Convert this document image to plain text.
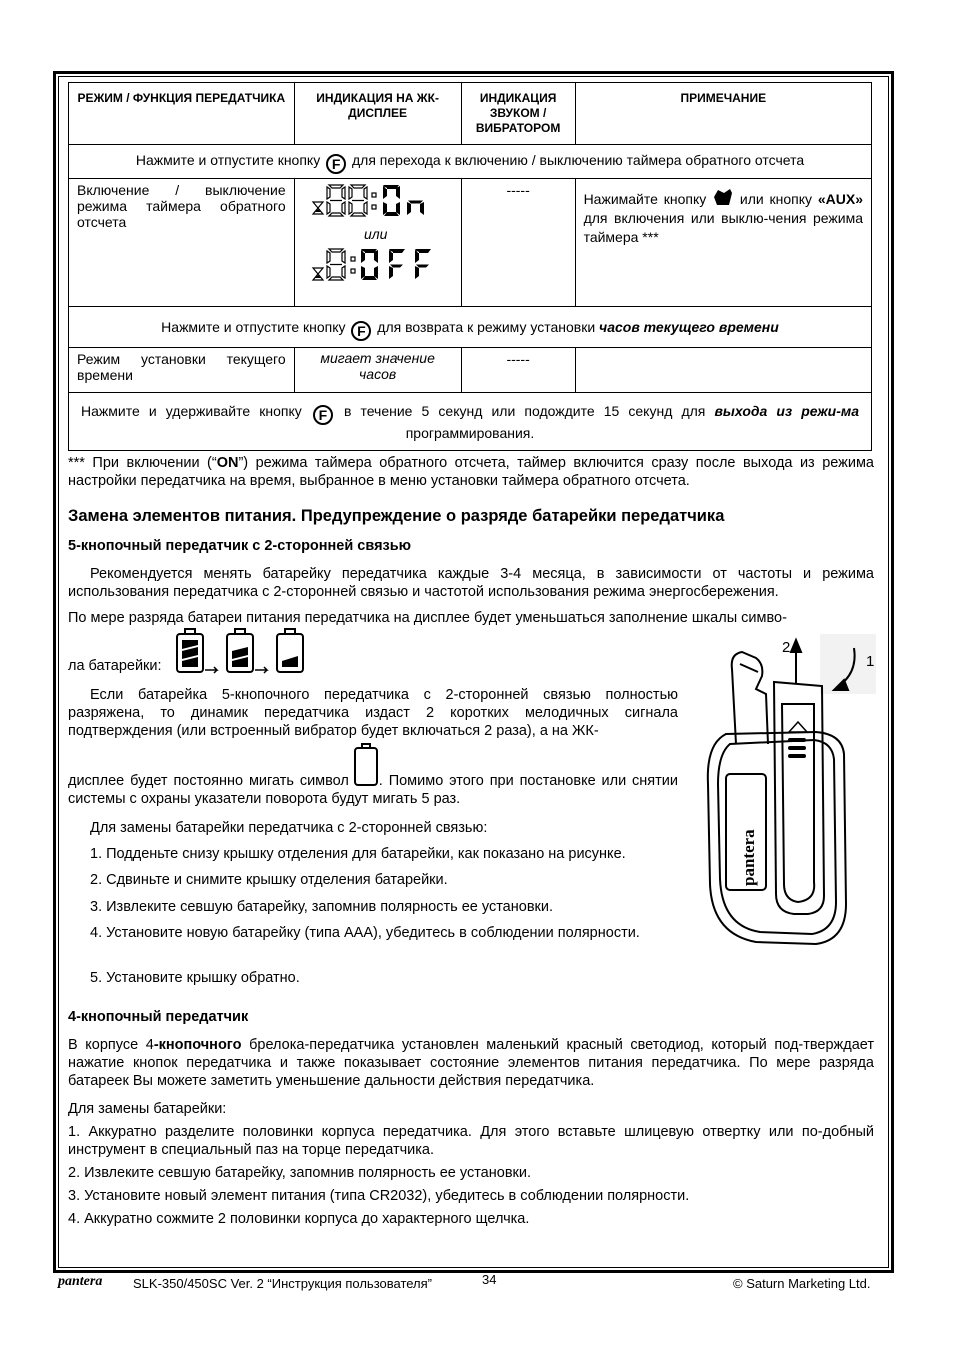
РЕЖИМ / ФУНКЦИЯ ПЕРЕДАТЧИКА	ИНДИКАЦИЯ НА ЖК-ДИСПЛЕЕ	ИНДИКАЦИЯ ЗВУКОМ / ВИБРАТОРОМ	ПРИМЕЧАНИЕ
Нажмите и отпустите кнопку F для перехода к включению / выключению таймера обратного отсчета			
Включение / выключение режима таймера обратного отсчета	или	-----	Нажимайте кнопку или кнопку «AUX» для включения или выклю-чения режима таймера ***
Нажмите и отпустите кнопку F для возврата к режиму установки часов текущего времени			
Режим установки текущего времени	мигает значение часов	-----	
Нажмите и удерживайте кнопку F в течение 5 секунд или подождите 15 секунд для выхода из режи-ма программирования.			
*** При включении (“ON”) режима таймера обратного отсчета, таймер включится сразу после выхода из режима настройки передатчика на время, выбранное в меню установки таймера обратного отсчета.
Замена элементов питания. Предупреждение о разряде батарейки передатчика
5-кнопочный передатчик с 2-сторонней связью
Рекомендуется менять батарейку передатчика каждые 3-4 месяца, в зависимости от частоты и режима использования передатчика с 2-сторонней связью и частотой использования режима энергосбережения.
По мере разряда батареи питания передатчика на дисплее будет уменьшаться заполнение шкалы симво-
ла батарейки:
Если батарейка 5-кнопочного передатчика с 2-сторонней связью полностью разряжена, то динамик передатчика издаст 2 коротких мелодичных сигнала подтверждения (или встроенный вибратор будет включаться 2 раза), а на ЖК-
дисплее будет постоянно мигать символ . Помимо этого при постановке или снятии системы с охраны указатели поворота будут мигать 5 раз.
Для замены батарейки передатчика с 2-сторонней связью:
1. Подденьте снизу крышку отделения для батарейки, как показано на рисунке.
2. Сдвиньте и снимите крышку отделения батарейки.
3. Извлеките севшую батарейку, запомнив полярность ее установки.
4. Установите новую батарейку (типа AAA), убедитесь в соблюдении полярности.
5. Установите крышку обратно.
2
1
pantera
4-кнопочный передатчик
В корпусе 4-кнопочного брелока-передатчика установлен маленький красный светодиод, который под-тверждает нажатие кнопок передатчика и также показывает состояние элементов питания передатчика. По мере разряда батареек Вы можете заметить уменьшение дальности действия передатчика.
Для замены батарейки:
1. Аккуратно разделите половинки корпуса передатчика. Для этого вставьте шлицевую отвертку или по-добный инструмент в специальный паз на торце передатчика.
2. Извлеките севшую батарейку, запомнив полярность ее установки.
3. Установите новый элемент питания (типа CR2032), убедитесь в соблюдении полярности.
4. Аккуратно сожмите 2 половинки корпуса до характерного щелчка.
pantera SLK-350/450SC Ver. 2 “Инструкция пользователя”	34	© Saturn Marketing Ltd.
